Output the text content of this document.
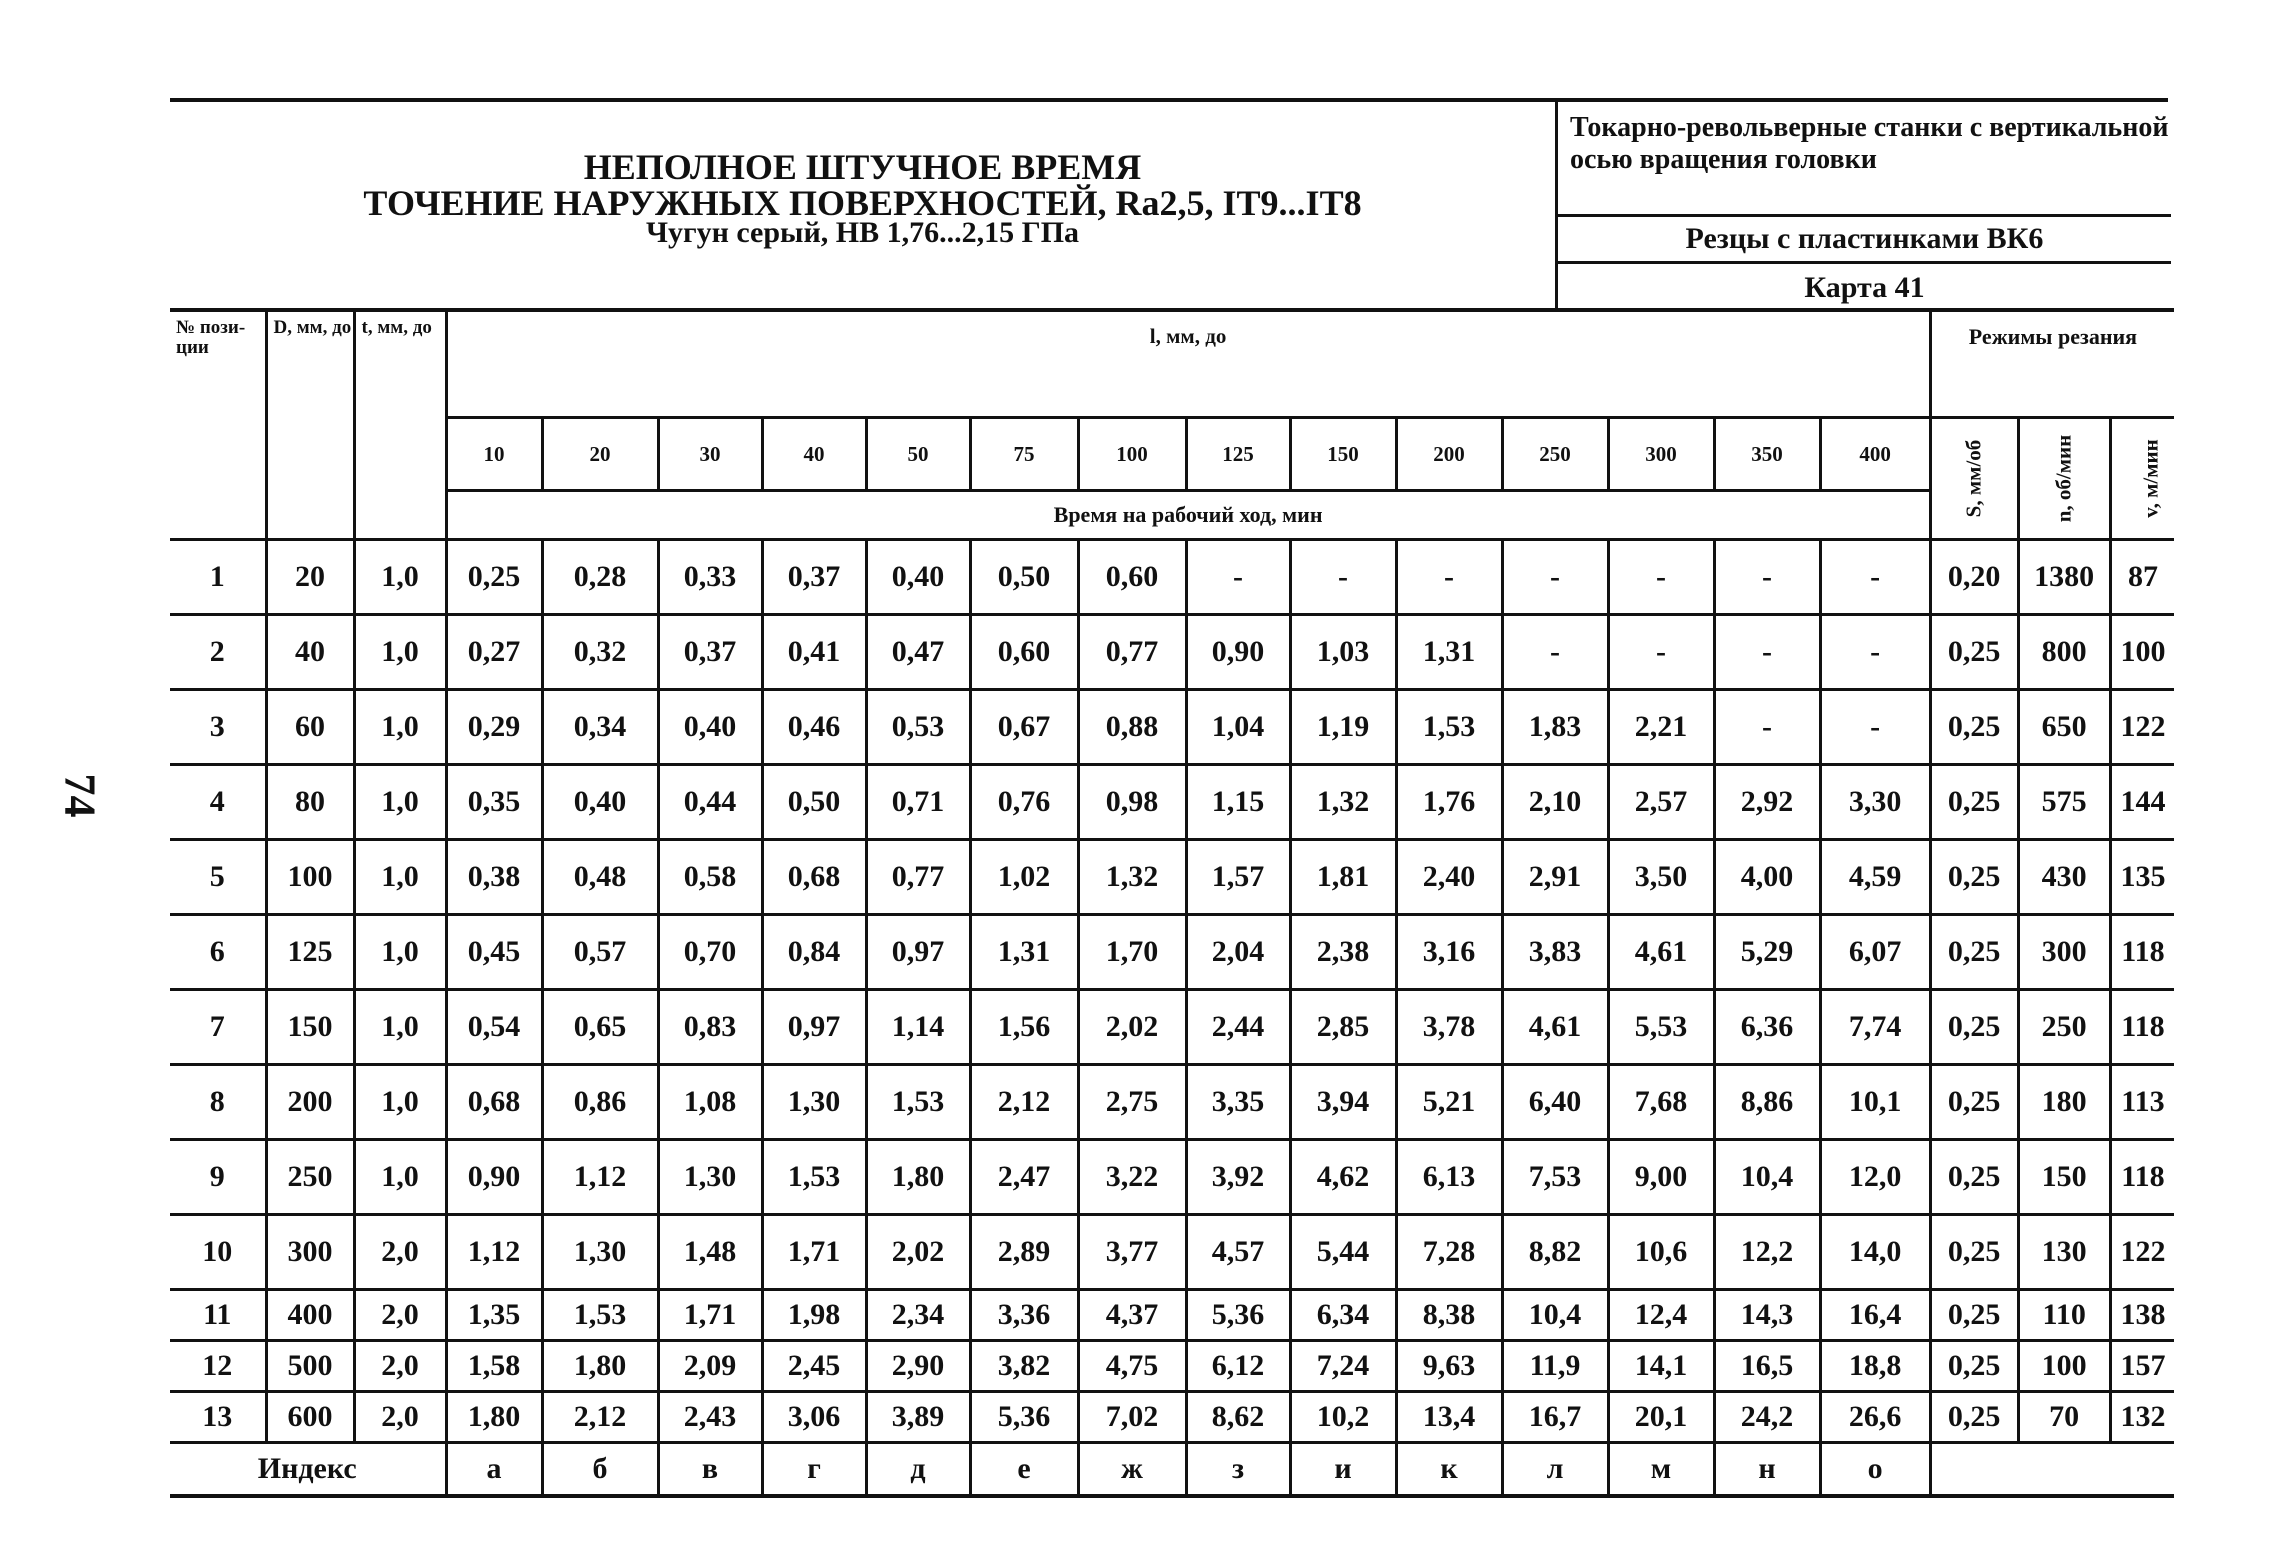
74
НЕПОЛНОЕ ШТУЧНОЕ ВРЕМЯ
ТОЧЕНИЕ НАРУЖНЫХ ПОВЕРХНОСТЕЙ, Ra2,5, IT9...IT8
Чугун серый, НВ 1,76...2,15 ГПа
Токарно-револьверные станки с вертикальной осью вращения головки
Резцы с пластинками ВК6
Карта 41
№ пози-ции	D, мм, до	t, мм, до	l, мм, до														Режимы резания		
			10	20	30	40	50	75	100	125	150	200	250	300	350	400	S, мм/об	n, об/мин	v, м/мин
			Время на рабочий ход, мин																
1	20	1,0	0,25	0,28	0,33	0,37	0,40	0,50	0,60	-	-	-	-	-	-	-	0,20	1380	87
2	40	1,0	0,27	0,32	0,37	0,41	0,47	0,60	0,77	0,90	1,03	1,31	-	-	-	-	0,25	800	100
3	60	1,0	0,29	0,34	0,40	0,46	0,53	0,67	0,88	1,04	1,19	1,53	1,83	2,21	-	-	0,25	650	122
4	80	1,0	0,35	0,40	0,44	0,50	0,71	0,76	0,98	1,15	1,32	1,76	2,10	2,57	2,92	3,30	0,25	575	144
5	100	1,0	0,38	0,48	0,58	0,68	0,77	1,02	1,32	1,57	1,81	2,40	2,91	3,50	4,00	4,59	0,25	430	135
6	125	1,0	0,45	0,57	0,70	0,84	0,97	1,31	1,70	2,04	2,38	3,16	3,83	4,61	5,29	6,07	0,25	300	118
7	150	1,0	0,54	0,65	0,83	0,97	1,14	1,56	2,02	2,44	2,85	3,78	4,61	5,53	6,36	7,74	0,25	250	118
8	200	1,0	0,68	0,86	1,08	1,30	1,53	2,12	2,75	3,35	3,94	5,21	6,40	7,68	8,86	10,1	0,25	180	113
9	250	1,0	0,90	1,12	1,30	1,53	1,80	2,47	3,22	3,92	4,62	6,13	7,53	9,00	10,4	12,0	0,25	150	118
10	300	2,0	1,12	1,30	1,48	1,71	2,02	2,89	3,77	4,57	5,44	7,28	8,82	10,6	12,2	14,0	0,25	130	122
11	400	2,0	1,35	1,53	1,71	1,98	2,34	3,36	4,37	5,36	6,34	8,38	10,4	12,4	14,3	16,4	0,25	110	138
12	500	2,0	1,58	1,80	2,09	2,45	2,90	3,82	4,75	6,12	7,24	9,63	11,9	14,1	16,5	18,8	0,25	100	157
13	600	2,0	1,80	2,12	2,43	3,06	3,89	5,36	7,02	8,62	10,2	13,4	16,7	20,1	24,2	26,6	0,25	70	132
Индекс			а	б	в	г	д	е	ж	з	и	к	л	м	н	о			
